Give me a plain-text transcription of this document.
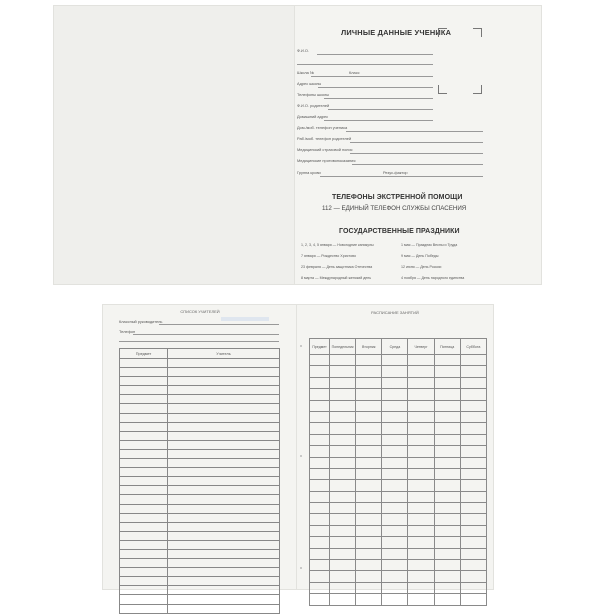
ЛИЧНЫЕ ДАННЫЕ УЧЕНИКА
Ф.И.О.
Школа №	Класс
Адрес школы
Телефоны школы
Ф.И.О. родителей
Домашний адрес
Дом./моб. телефон ученика
Раб./моб. телефон родителей
Медицинский страховой полис
Медицинские противопоказания
Группа крови	Резус-фактор
ТЕЛЕФОНЫ ЭКСТРЕННОЙ ПОМОЩИ
112 — ЕДИНЫЙ ТЕЛЕФОН СЛУЖБЫ СПАСЕНИЯ
ГОСУДАРСТВЕННЫЕ ПРАЗДНИКИ
1, 2, 3, 4, 5 января — Новогодние каникулы
7 января — Рождество Христово
23 февраля — День защитника Отечества
8 марта — Международный женский день
1 мая — Праздник Весны и Труда
9 мая — День Победы
12 июня — День России
4 ноября — День народного единства
СПИСОК УЧИТЕЛЕЙ
Классный руководитель
Телефон
Предмет	Учитель

РАСПИСАНИЕ ЗАНЯТИЙ
Предмет	Понедельник	Вторник	Среда	Четверг	Пятница	Суббота
